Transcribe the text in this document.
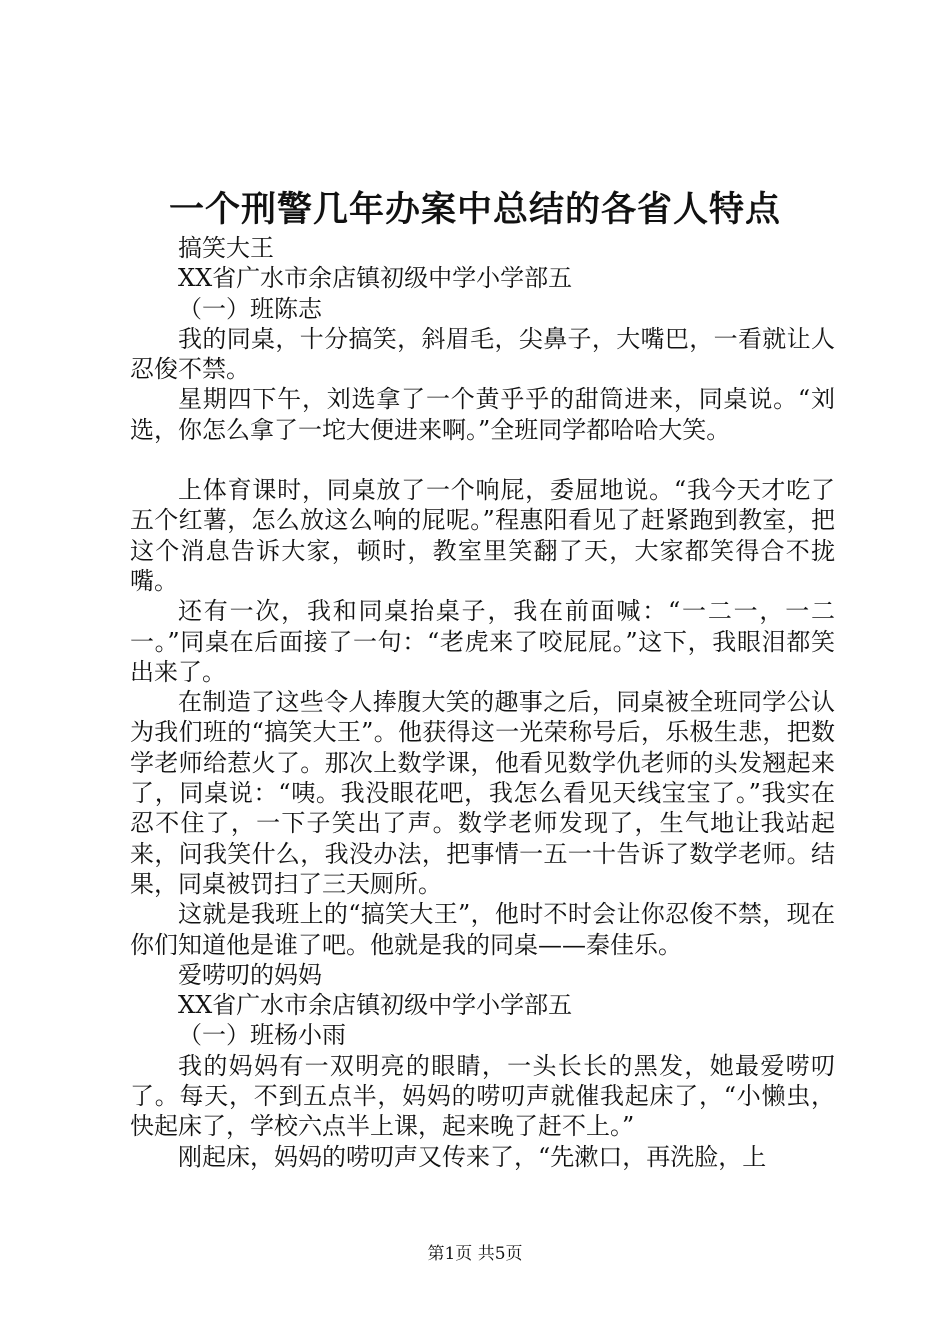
一个刑警几年办案中总结的各省人特点

搞笑大王

XX省广水市余店镇初级中学小学部五

（一）班陈志

我的同桌，十分搞笑，斜眉毛，尖鼻子，大嘴巴，一看就让人忍俊不禁。

星期四下午，刘选拿了一个黄乎乎的甜筒进来，同桌说。“刘选，你怎么拿了一坨大便进来啊。”全班同学都哈哈大笑。

上体育课时，同桌放了一个响屁，委屈地说。“我今天才吃了五个红薯，怎么放这么响的屁呢。”程惠阳看见了赶紧跑到教室，把这个消息告诉大家，顿时，教室里笑翻了天，大家都笑得合不拢嘴。

还有一次，我和同桌抬桌子，我在前面喊：“一二一，一二一。”同桌在后面接了一句：“老虎来了咬屁屁。”这下，我眼泪都笑出来了。

在制造了这些令人捧腹大笑的趣事之后，同桌被全班同学公认为我们班的“搞笑大王”。他获得这一光荣称号后，乐极生悲，把数学老师给惹火了。那次上数学课，他看见数学仇老师的头发翘起来了，同桌说：“咦。我没眼花吧，我怎么看见天线宝宝了。”我实在忍不住了，一下子笑出了声。数学老师发现了，生气地让我站起来，问我笑什么，我没办法，把事情一五一十告诉了数学老师。结果，同桌被罚扫了三天厕所。

这就是我班上的“搞笑大王”，他时不时会让你忍俊不禁，现在你们知道他是谁了吧。他就是我的同桌——秦佳乐。

爱唠叨的妈妈

XX省广水市余店镇初级中学小学部五

（一）班杨小雨

我的妈妈有一双明亮的眼睛，一头长长的黑发，她最爱唠叨了。每天，不到五点半，妈妈的唠叨声就催我起床了，“小懒虫，快起床了，学校六点半上课，起来晚了赶不上。”

刚起床，妈妈的唠叨声又传来了，“先漱口，再洗脸，上

第1页 共5页
